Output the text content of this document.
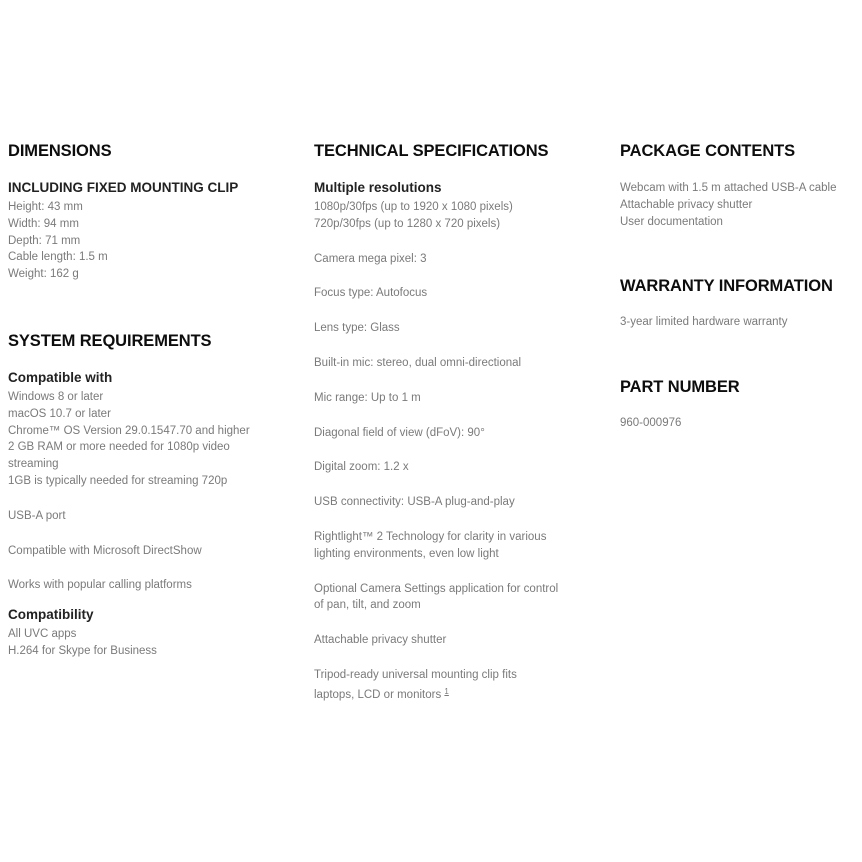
DIMENSIONS
INCLUDING FIXED MOUNTING CLIP

Height: 43 mm

Width: 94 mm

Depth: 71 mm

Cable length: 1.5 m

Weight: 162 g

SYSTEM REQUIREMENTS
Compatible with

Windows 8 or later

macOS 10.7 or later

Chrome™ OS Version 29.0.1547.70 and higher

2 GB RAM or more needed for 1080p video streaming

1GB is typically needed for streaming 720p

USB-A port

Compatible with Microsoft DirectShow

Works with popular calling platforms

Compatibility

All UVC apps

H.264 for Skype for Business

TECHNICAL SPECIFICATIONS
Multiple resolutions

1080p/30fps (up to 1920 x 1080 pixels)

720p/30fps (up to 1280 x 720 pixels)

Camera mega pixel: 3

Focus type: Autofocus

Lens type: Glass

Built-in mic: stereo, dual omni-directional

Mic range: Up to 1 m

Diagonal field of view (dFoV): 90°

Digital zoom: 1.2 x

USB connectivity: USB-A plug-and-play

Rightlight™ 2 Technology for clarity in various lighting environments, even low light

Optional Camera Settings application for control of pan, tilt, and zoom

Attachable privacy shutter

Tripod-ready universal mounting clip fits laptops, LCD or monitors $^1$

PACKAGE CONTENTS

Webcam with 1.5 m attached USB-A cable

Attachable privacy shutter

User documentation

WARRANTY INFORMATION

3-year limited hardware warranty

PART NUMBER

960-000976
